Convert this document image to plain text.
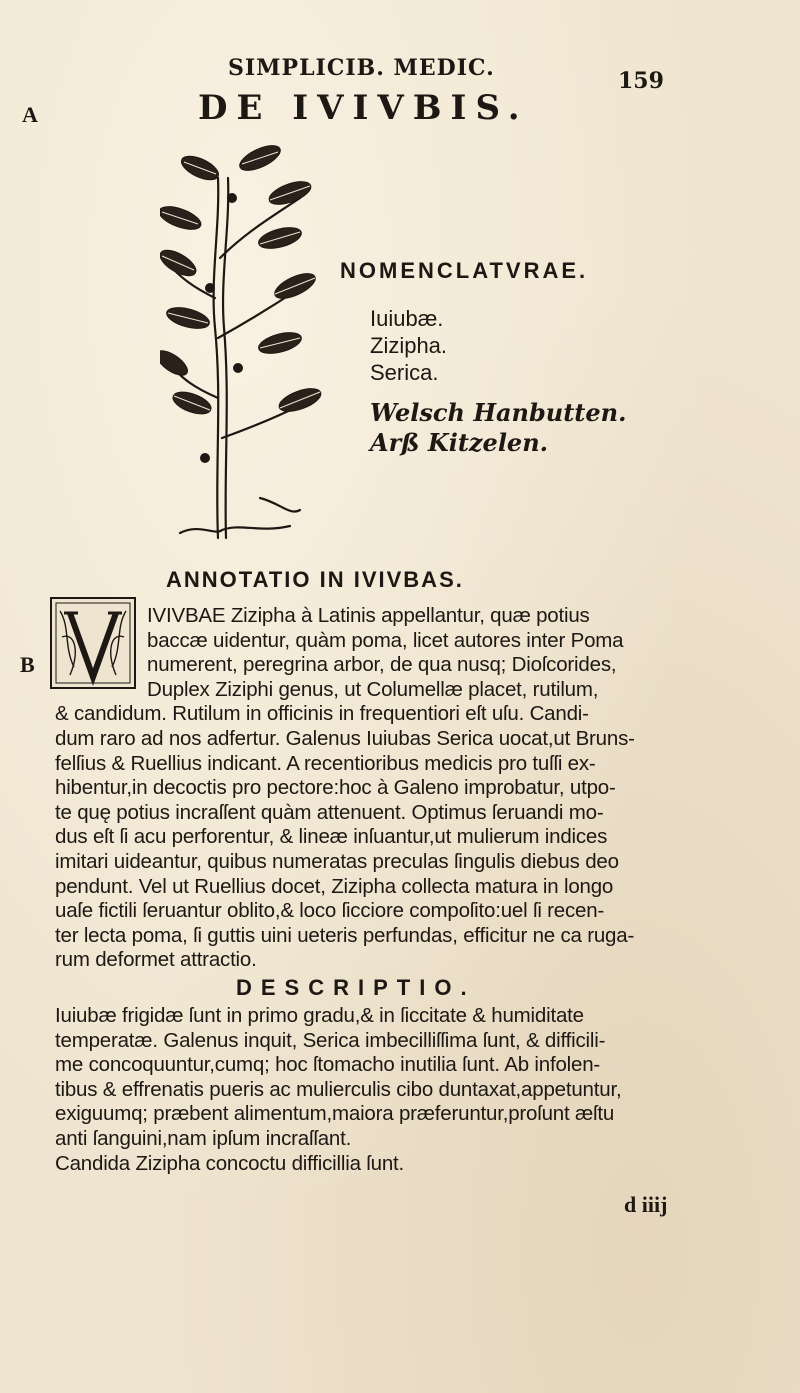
SIMPLICIB. MEDIC.	159
DE IVIVBIS.
A
B
NOMENCLATVRAE.
Iuiubæ.
Zizipha.
Serica.
Welsch Hanbutten.
Arß Kitzelen.
ANNOTATIO IN IVIVBAS.
IVIVBAE Zizipha à Latinis appellantur, quæ potius
baccæ uidentur, quàm poma, licet autores inter Poma
numerent, peregrina arbor, de qua nusq; Dioſcorides,
Duplex Ziziphi genus, ut Columellæ placet, rutilum,
& candidum. Rutilum in officinis in frequentiori eſt uſu. Candi-
dum raro ad nos adfertur. Galenus Iuiubas Serica uocat,ut Bruns-
felſius & Ruellius indicant. A recentioribus medicis pro tuſſi ex-
hibentur,in decoctis pro pectore:hoc à Galeno improbatur, utpo-
te quę potius incraſſent quàm attenuent. Optimus ſeruandi mo-
dus eſt ſi acu perforentur, & lineæ inſuantur,ut mulierum indices
imitari uideantur, quibus numeratas preculas ſingulis diebus deo
pendunt. Vel ut Ruellius docet, Zizipha collecta matura in longo
uaſe fictili ſeruantur oblito,& loco ſicciore compoſito:uel ſi recen-
ter lecta poma, ſi guttis uini ueteris perfundas, efficitur ne ca ruga-
rum deformet attractio.
DESCRIPTIO.
Iuiubæ frigidæ ſunt in primo gradu,& in ſiccitate & humiditate
temperatæ. Galenus inquit, Serica imbecilliſſima ſunt, & difficili-
me concoquuntur,cumq; hoc ſtomacho inutilia ſunt. Ab infolen-
tibus & effrenatis pueris ac mulierculis cibo duntaxat,appetuntur,
exiguumq; præbent alimentum,maiora præferuntur,proſunt æſtu
anti ſanguini,nam ipſum incraſſant.
Candida Zizipha concoctu difficillia ſunt.
d iiij
